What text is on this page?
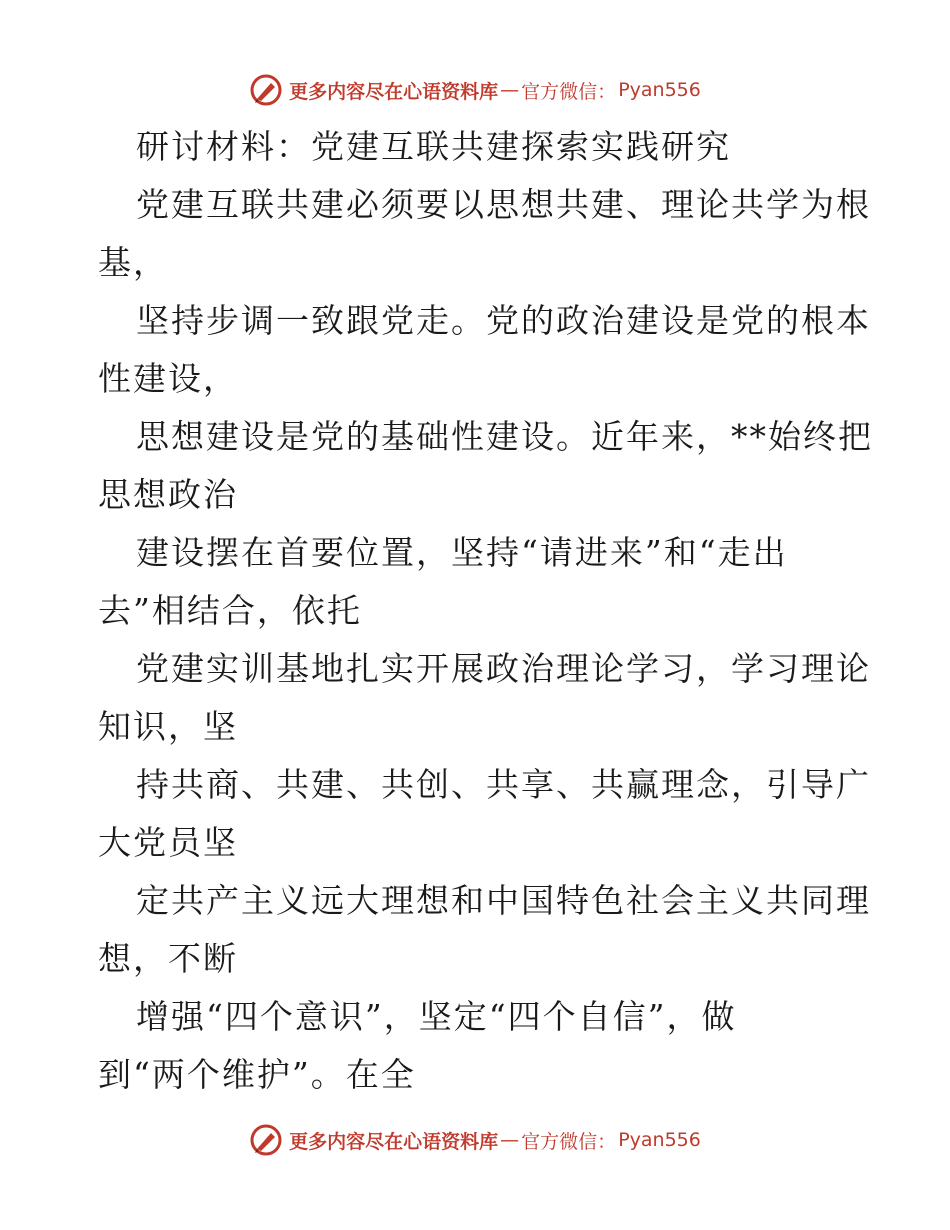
更多内容尽在心语资料库 — 官方微信： Pyan556
研讨材料：党建互联共建探索实践研究
党建互联共建必须要以思想共建、理论共学为根
基，
坚持步调一致跟党走。党的政治建设是党的根本
性建设，
思想建设是党的基础性建设。近年来，**始终把
思想政治
建设摆在首要位置，坚持“请进来”和“走出
去”相结合，依托
党建实训基地扎实开展政治理论学习，学习理论
知识，坚
持共商、共建、共创、共享、共赢理念，引导广
大党员坚
定共产主义远大理想和中国特色社会主义共同理
想，不断
增强“四个意识”，坚定“四个自信”，做
到“两个维护”。在全
更多内容尽在心语资料库 — 官方微信： Pyan556
